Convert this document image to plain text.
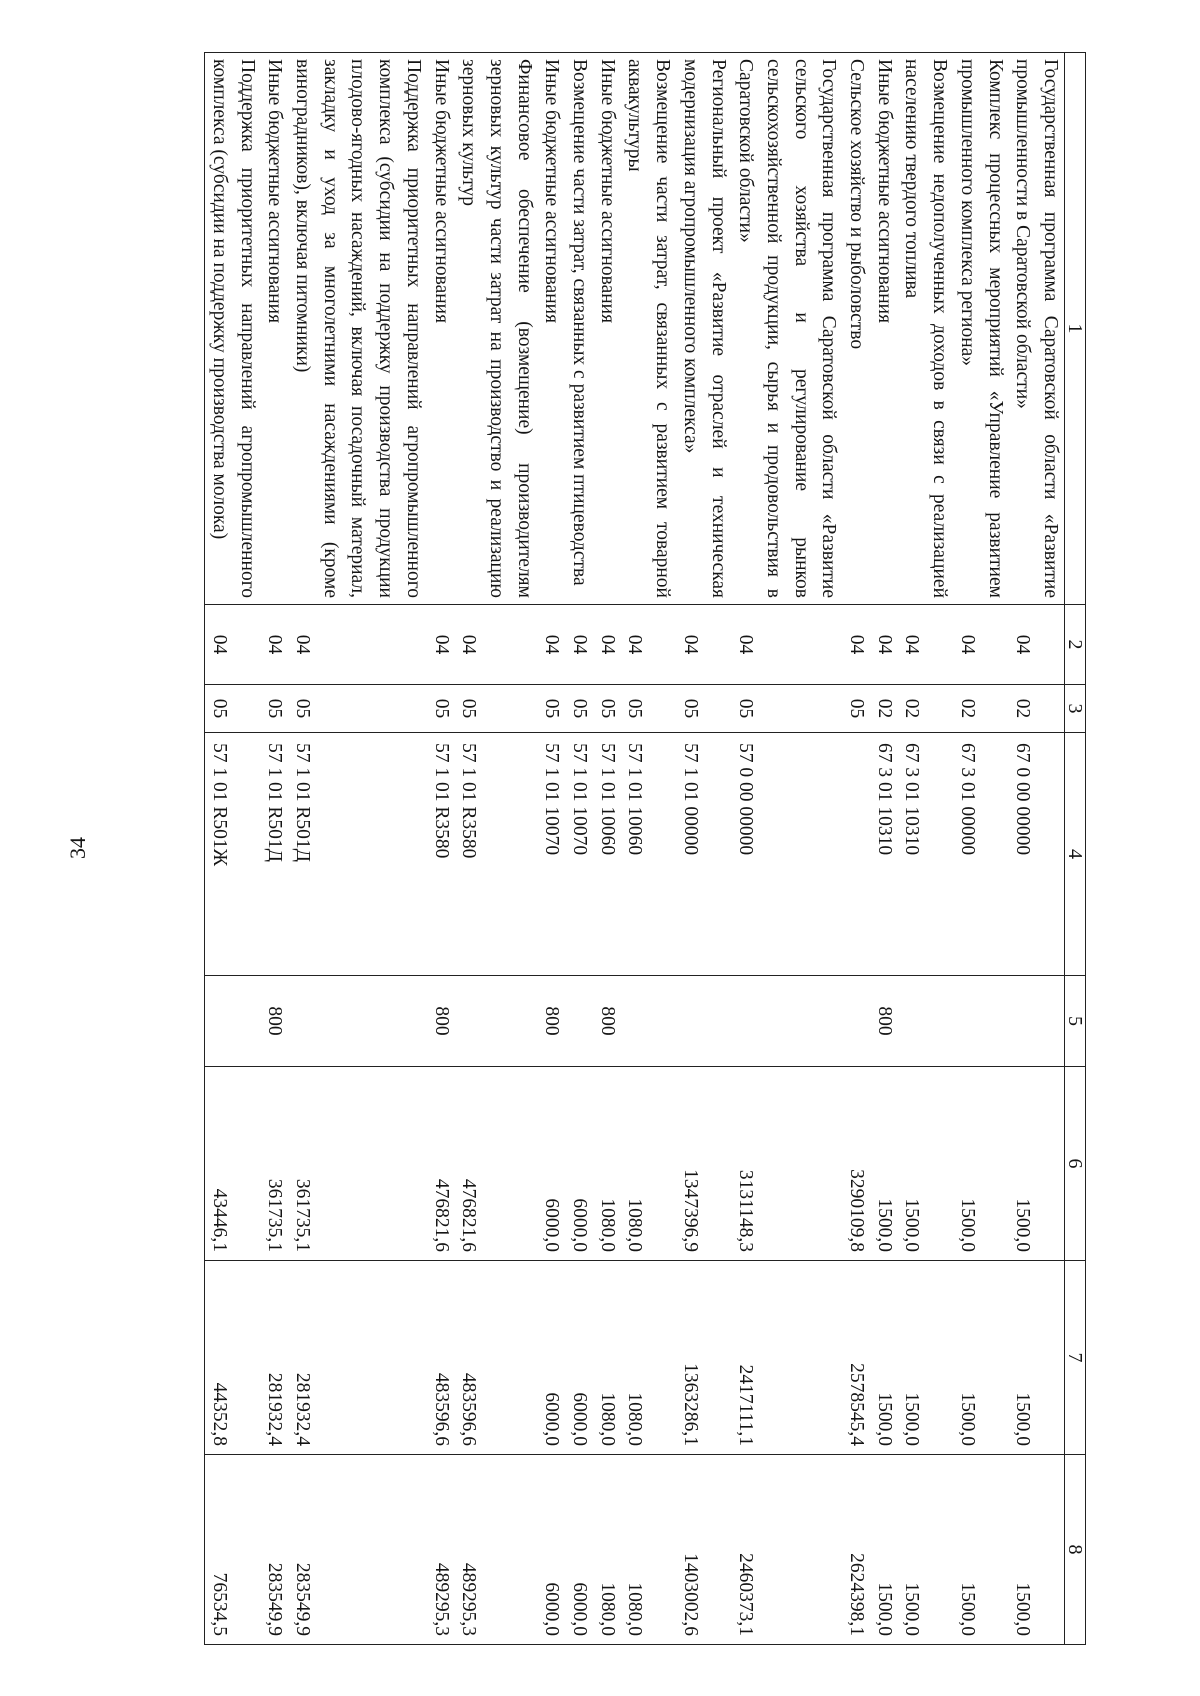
34
1	2	3	4	5	6	7	8
Государственная программа Саратовской области «Развитие промышленности в Саратовской области»	04	02	67 0 00 00000		1500,0	1500,0	1500,0
Комплекс процессных мероприятий «Управление развитием промышленного комплекса региона»	04	02	67 3 01 00000		1500,0	1500,0	1500,0
Возмещение недополученных доходов в связи с реализацией населению твердого топлива	04	02	67 3 01 10310		1500,0	1500,0	1500,0
Иные бюджетные ассигнования	04	02	67 3 01 10310	800	1500,0	1500,0	1500,0
Сельское хозяйство и рыболовство	04	05			3290109,8	2578545,4	2624398,1
Государственная программа Саратовской области «Развитие сельского хозяйства и регулирование рынков сельскохозяйственной продукции, сырья и продовольствия в Саратовской области»	04	05	57 0 00 00000		3131148,3	2417111,1	2460373,1
Региональный проект «Развитие отраслей и техническая модернизация агропромышленного комплекса»	04	05	57 1 01 00000		1347396,9	1363286,1	1403002,6
Возмещение части затрат, связанных с развитием товарной аквакультуры	04	05	57 1 01 10060		1080,0	1080,0	1080,0
Иные бюджетные ассигнования	04	05	57 1 01 10060	800	1080,0	1080,0	1080,0
Возмещение части затрат, связанных с развитием птицеводства	04	05	57 1 01 10070		6000,0	6000,0	6000,0
Иные бюджетные ассигнования	04	05	57 1 01 10070	800	6000,0	6000,0	6000,0
Финансовое обеспечение (возмещение) производителям зерновых культур части затрат на производство и реализацию зерновых культур	04	05	57 1 01 R3580		476821,6	483596,6	489295,3
Иные бюджетные ассигнования	04	05	57 1 01 R3580	800	476821,6	483596,6	489295,3
Поддержка приоритетных направлений агропромышленного комплекса (субсидии на поддержку производства продукции плодово-ягодных насаждений, включая посадочный материал, закладку и уход за многолетними насаждениями (кроме виноградников), включая питомники)	04	05	57 1 01 R501Д		361735,1	281932,4	283549,9
Иные бюджетные ассигнования	04	05	57 1 01 R501Д	800	361735,1	281932,4	283549,9
Поддержка приоритетных направлений агропромышленного комплекса (субсидии на поддержку производства молока)	04	05	57 1 01 R501Ж		43446,1	44352,8	76534,5
